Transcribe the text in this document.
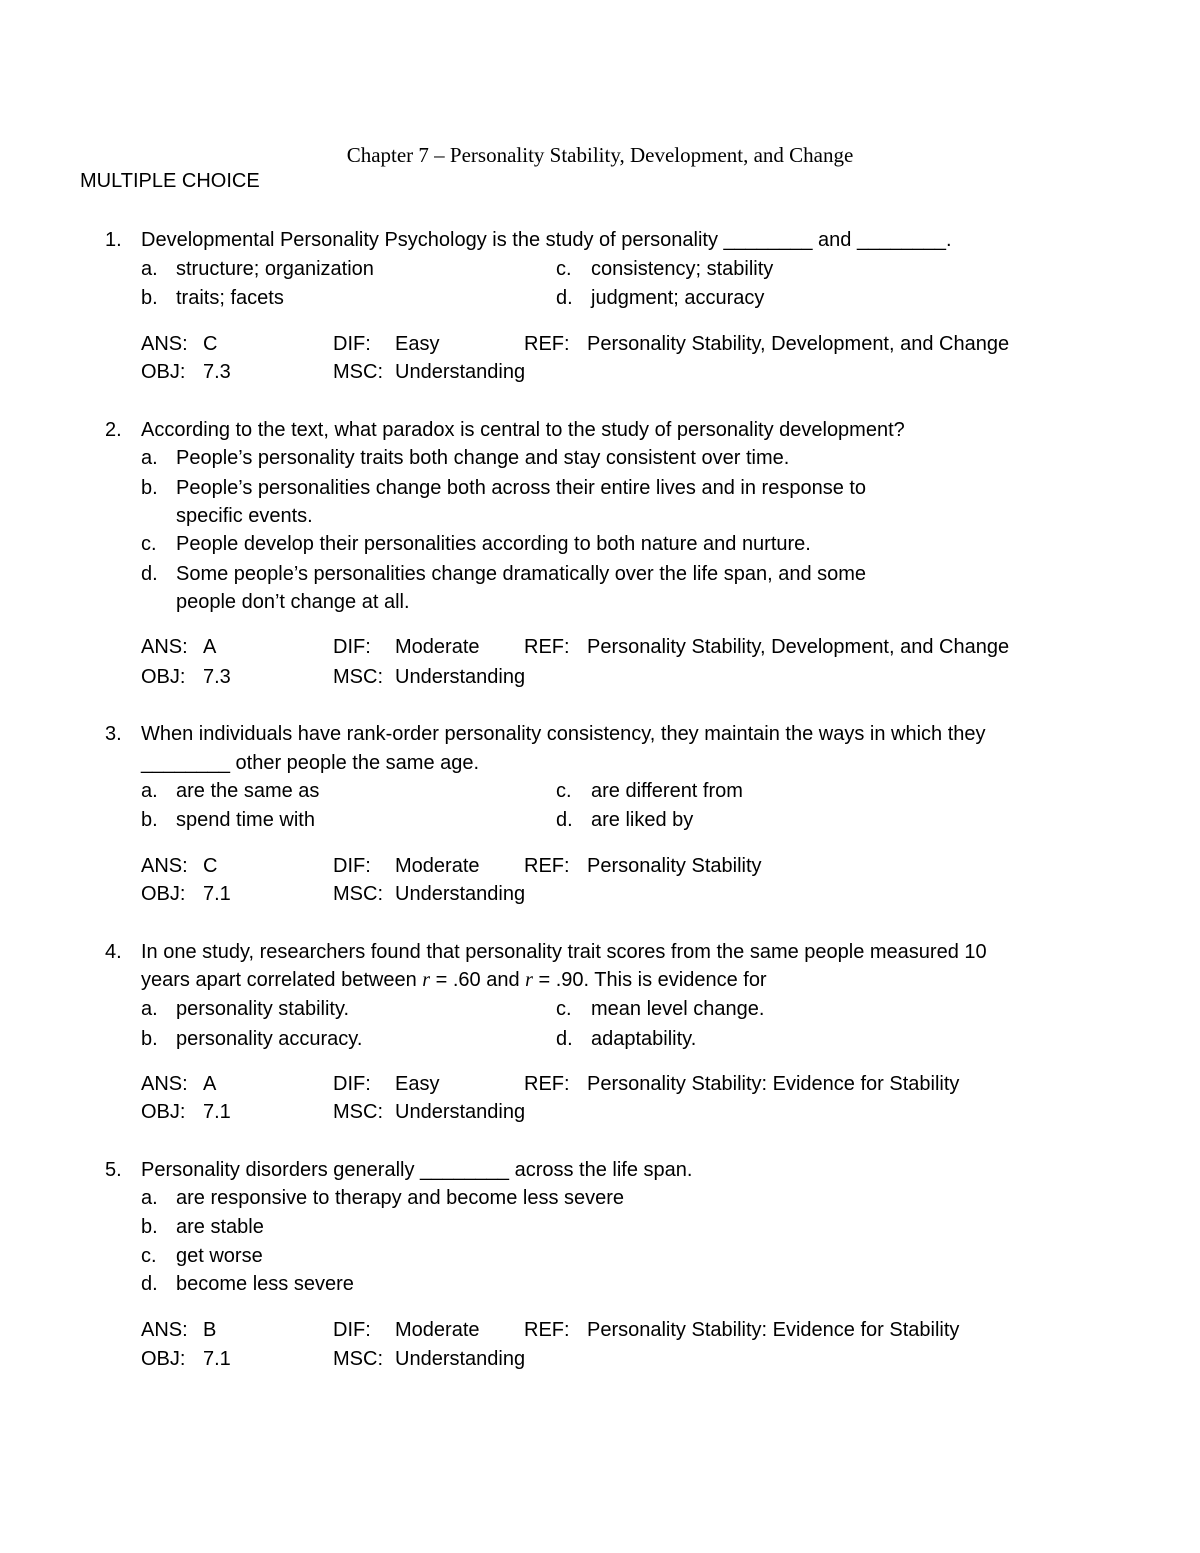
Chapter 7 – Personality Stability, Development, and Change
MULTIPLE CHOICE
1. Developmental Personality Psychology is the study of personality ________ and ________.
a. structure; organization	c. consistency; stability
b. traits; facets	d. judgment; accuracy
ANS: C	DIF: Easy	REF: Personality Stability, Development, and Change
OBJ: 7.3	MSC: Understanding
2. According to the text, what paradox is central to the study of personality development?
a. People’s personality traits both change and stay consistent over time.
b. People’s personalities change both across their entire lives and in response to
specific events.
c. People develop their personalities according to both nature and nurture.
d. Some people’s personalities change dramatically over the life span, and some
people don’t change at all.
ANS: A	DIF: Moderate REF: Personality Stability, Development, and Change
OBJ: 7.3	MSC: Understanding
3. When individuals have rank-order personality consistency, they maintain the ways in which they
________ other people the same age.
a. are the same as	c. are different from
b. spend time with	d. are liked by
ANS: C	DIF: Moderate REF: Personality Stability
OBJ: 7.1	MSC: Understanding
4. In one study, researchers found that personality trait scores from the same people measured 10
years apart correlated between r = .60 and r = .90. This is evidence for
a. personality stability.	c. mean level change.
b. personality accuracy.	d. adaptability.
ANS: A	DIF: Easy	REF: Personality Stability: Evidence for Stability
OBJ: 7.1	MSC: Understanding
5. Personality disorders generally ________ across the life span.
a. are responsive to therapy and become less severe
b. are stable
c. get worse
d. become less severe
ANS: B	DIF: Moderate REF: Personality Stability: Evidence for Stability
OBJ: 7.1	MSC: Understanding
